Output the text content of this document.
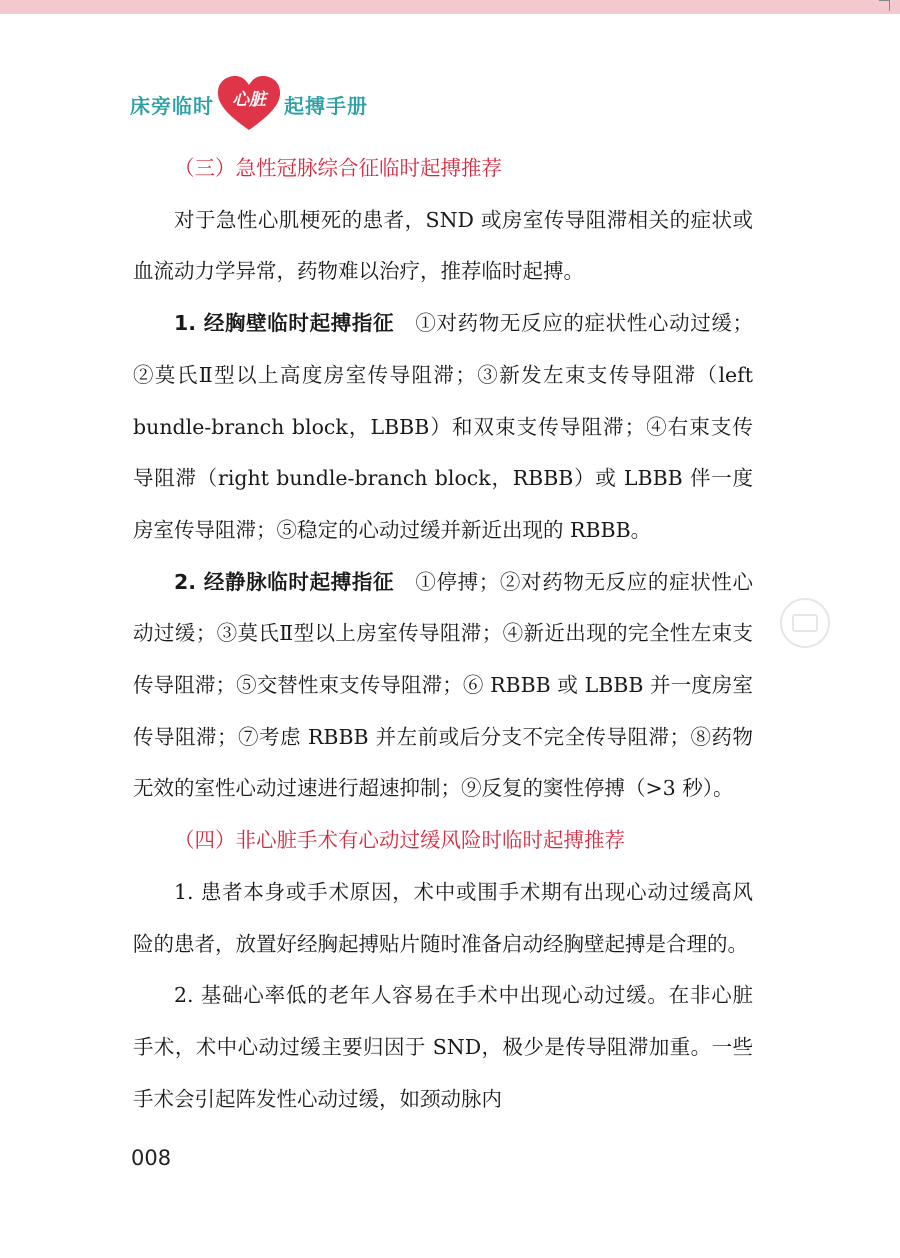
床旁临时	心脏 起搏手册

（三）急性冠脉综合征临时起搏推荐

对于急性心肌梗死的患者，SND 或房室传导阻滞相关的症状或血流动力学异常，药物难以治疗，推荐临时起搏。

1. 经胸壁临时起搏指征　 ①对药物无反应的症状性心动过缓；②莫氏Ⅱ型以上高度房室传导阻滞；③新发左束支传导阻滞（left bundle-branch block，LBBB）和双束支传导阻滞；④右束支传导阻滞（right bundle-branch block，RBBB）或 LBBB 伴一度房室传导阻滞；⑤稳定的心动过缓并新近出现的 RBBB。

2. 经静脉临时起搏指征　 ①停搏；②对药物无反应的症状性心动过缓；③莫氏Ⅱ型以上房室传导阻滞；④新近出现的完全性左束支传导阻滞；⑤交替性束支传导阻滞；⑥ RBBB 或 LBBB 并一度房室传导阻滞；⑦考虑 RBBB 并左前或后分支不完全传导阻滞；⑧药物无效的室性心动过速进行超速抑制；⑨反复的窦性停搏（>3 秒）。

（四）非心脏手术有心动过缓风险时临时起搏推荐

1. 患者本身或手术原因，术中或围手术期有出现心动过缓高风险的患者，放置好经胸起搏贴片随时准备启动经胸壁起搏是合理的。

2. 基础心率低的老年人容易在手术中出现心动过缓。在非心脏手术，术中心动过缓主要归因于 SND，极少是传导阻滞加重。一些手术会引起阵发性心动过缓，如颈动脉内

008
